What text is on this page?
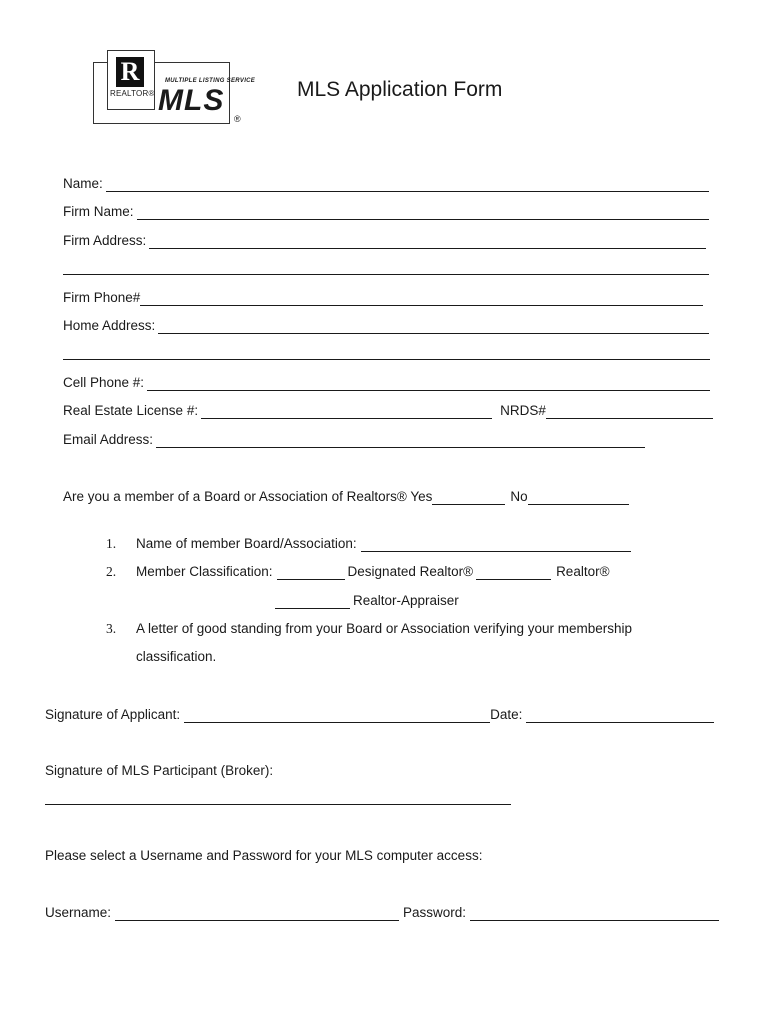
R
REALTOR®
MULTIPLE LISTING SERVICE
MLS
®
MLS Application Form
Name:
Firm Name:
Firm Address:
Firm Phone#
Home Address:
Cell Phone #:
Real Estate License #:	NRDS#
Email Address:
Are you a member of a Board or Association of Realtors® Yes	No
1.	Name of member Board/Association:
2.	Member Classification:	Designated Realtor®	Realtor®
Realtor-Appraiser
3.	A letter of good standing from your Board or Association verifying your membership
classification.
Signature of Applicant:	Date:
Signature of MLS Participant (Broker):
Please select a Username and Password for your MLS computer access:
Username:	Password:
